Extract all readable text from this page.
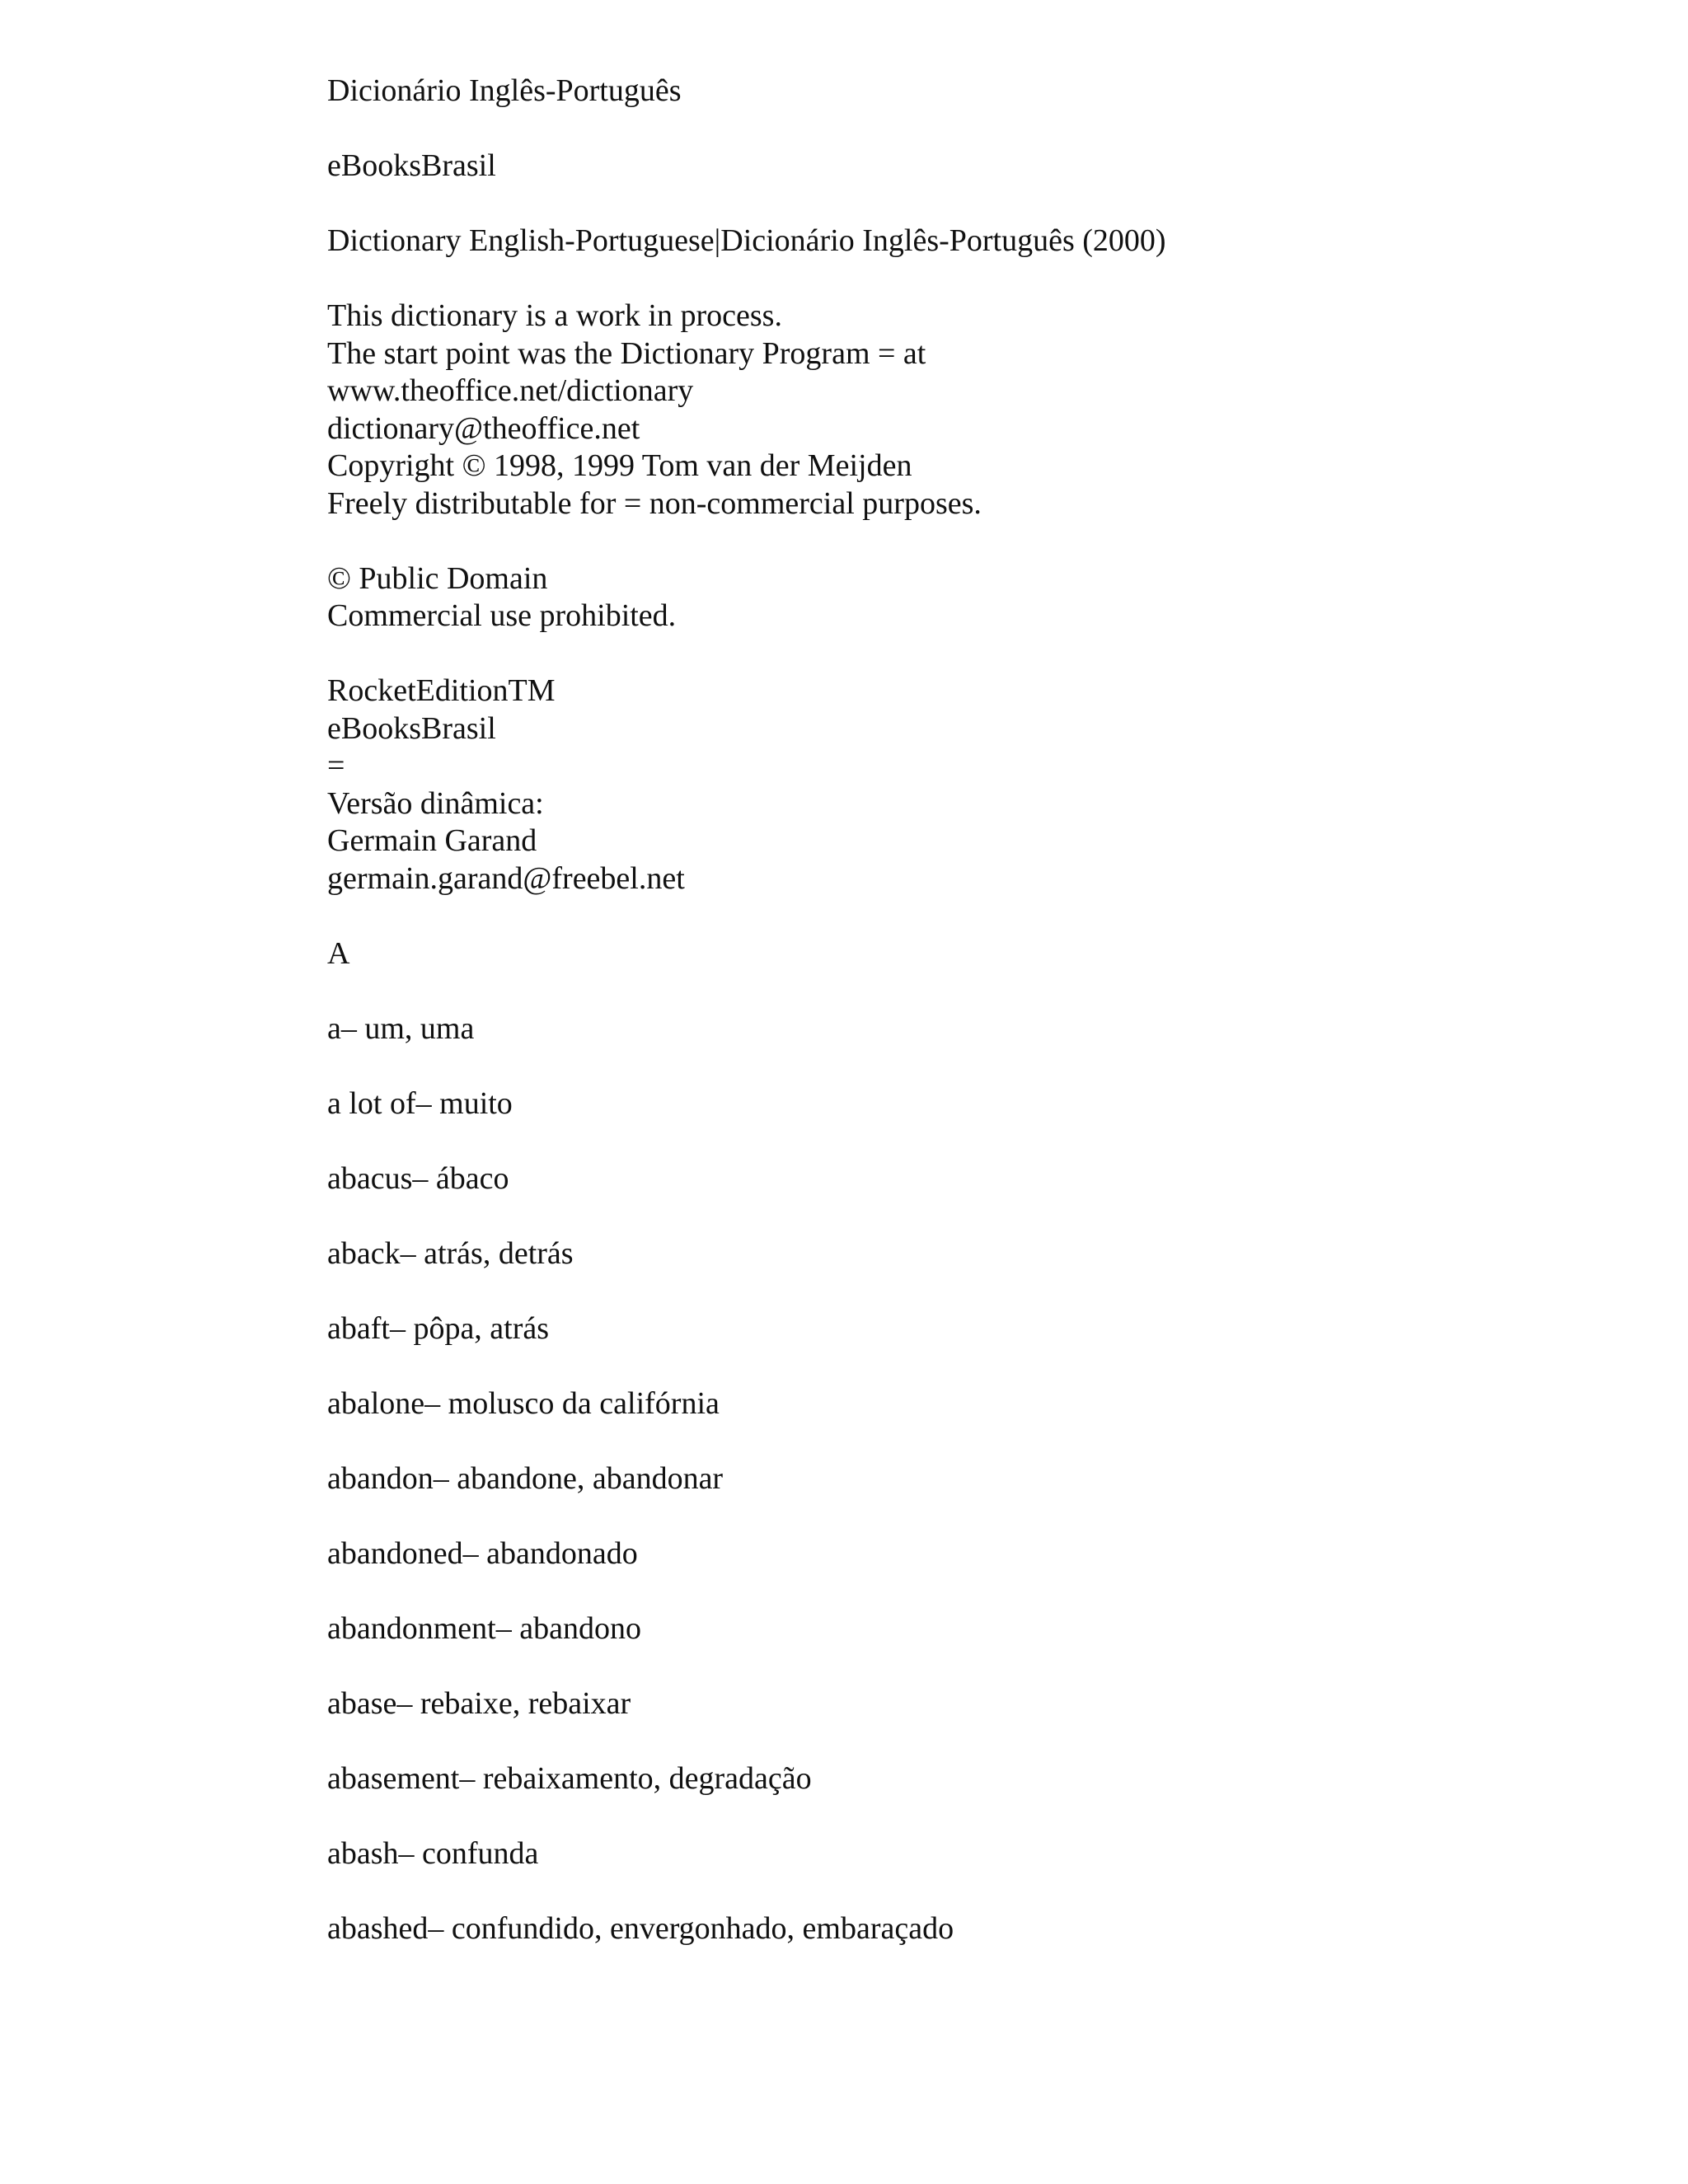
Dicionário Inglês-Português

eBooksBrasil

Dictionary English-Portuguese|Dicionário Inglês-Português (2000)

This dictionary is a work in process.
The start point was the Dictionary Program = at
www.theoffice.net/dictionary
dictionary@theoffice.net
Copyright © 1998, 1999 Tom van der Meijden
Freely distributable for = non-commercial purposes.
© Public Domain
Commercial use prohibited.
RocketEditionTM
eBooksBrasil
=
Versão dinâmica:
Germain Garand
germain.garand@freebel.net

A

a– um, uma

a lot of– muito

abacus– ábaco

aback– atrás, detrás

abaft– pôpa, atrás

abalone– molusco da califórnia

abandon– abandone, abandonar

abandoned– abandonado

abandonment– abandono

abase– rebaixe, rebaixar

abasement– rebaixamento, degradação

abash– confunda

abashed– confundido, envergonhado, embaraçado
